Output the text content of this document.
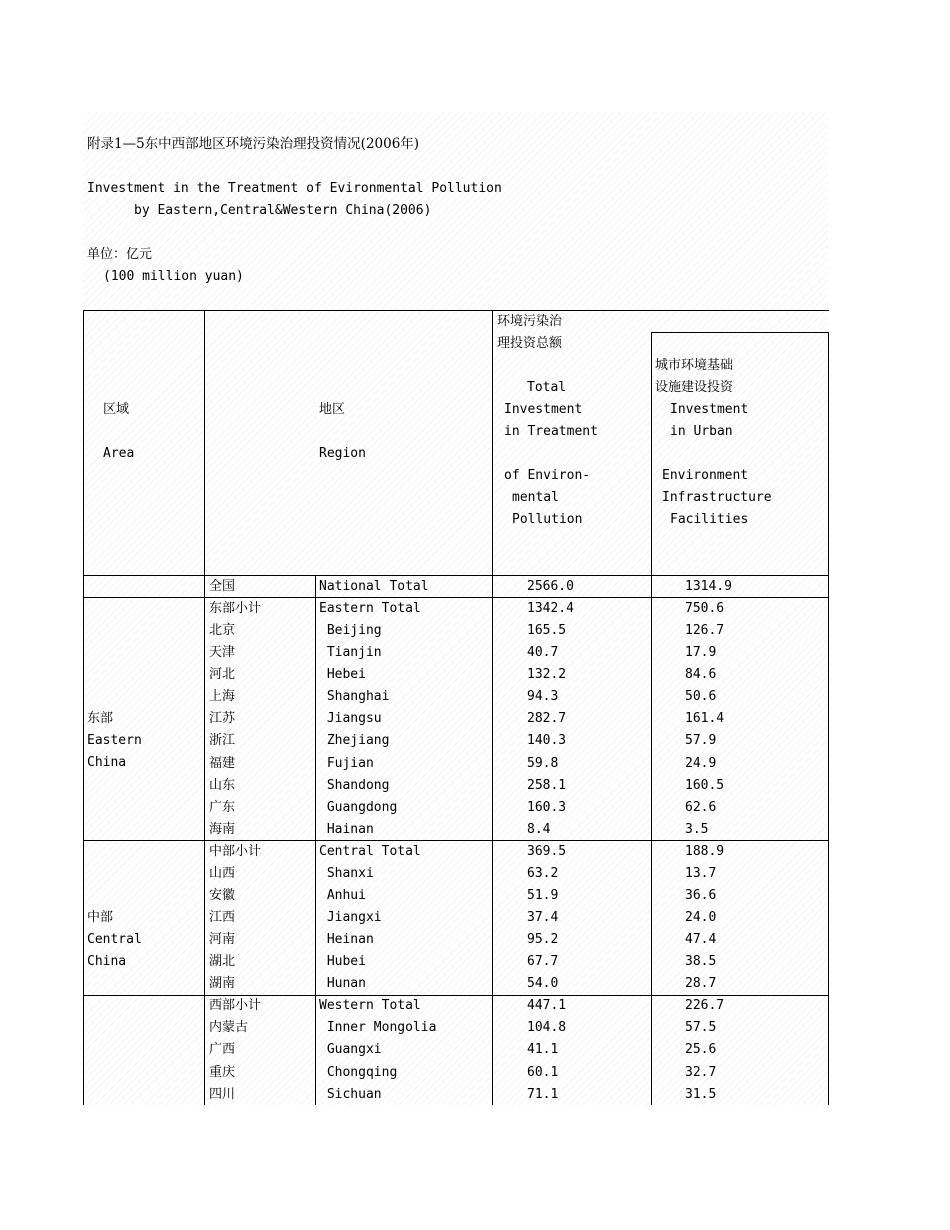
附录1—5东中西部地区环境污染治理投资情况(2006年)
Investment in the Treatment of Evironmental Pollution
by Eastern,Central&Western China(2006)
单位：亿元
(100 million yuan)
区域
Area
地区
Region
环境污染治
理投资总额
Total
Investment
in Treatment
of Environ-
mental
Pollution
城市环境基础
设施建设投资
Investment
in Urban
Environment
Infrastructure
Facilities
东部
Eastern
China
中部
Central
China
全国	National Total	2566.0	1314.9
东部小计	Eastern Total	1342.4	750.6
北京	Beijing	165.5	126.7
天津	Tianjin	40.7	17.9
河北	Hebei	132.2	84.6
上海	Shanghai	94.3	50.6
江苏	Jiangsu	282.7	161.4
浙江	Zhejiang	140.3	57.9
福建	Fujian	59.8	24.9
山东	Shandong	258.1	160.5
广东	Guangdong	160.3	62.6
海南	Hainan	8.4	3.5
中部小计	Central Total	369.5	188.9
山西	Shanxi	63.2	13.7
安徽	Anhui	51.9	36.6
江西	Jiangxi	37.4	24.0
河南	Heinan	95.2	47.4
湖北	Hubei	67.7	38.5
湖南	Hunan	54.0	28.7
西部小计	Western Total	447.1	226.7
内蒙古	Inner Mongolia	104.8	57.5
广西	Guangxi	41.1	25.6
重庆	Chongqing	60.1	32.7
四川	Sichuan	71.1	31.5
